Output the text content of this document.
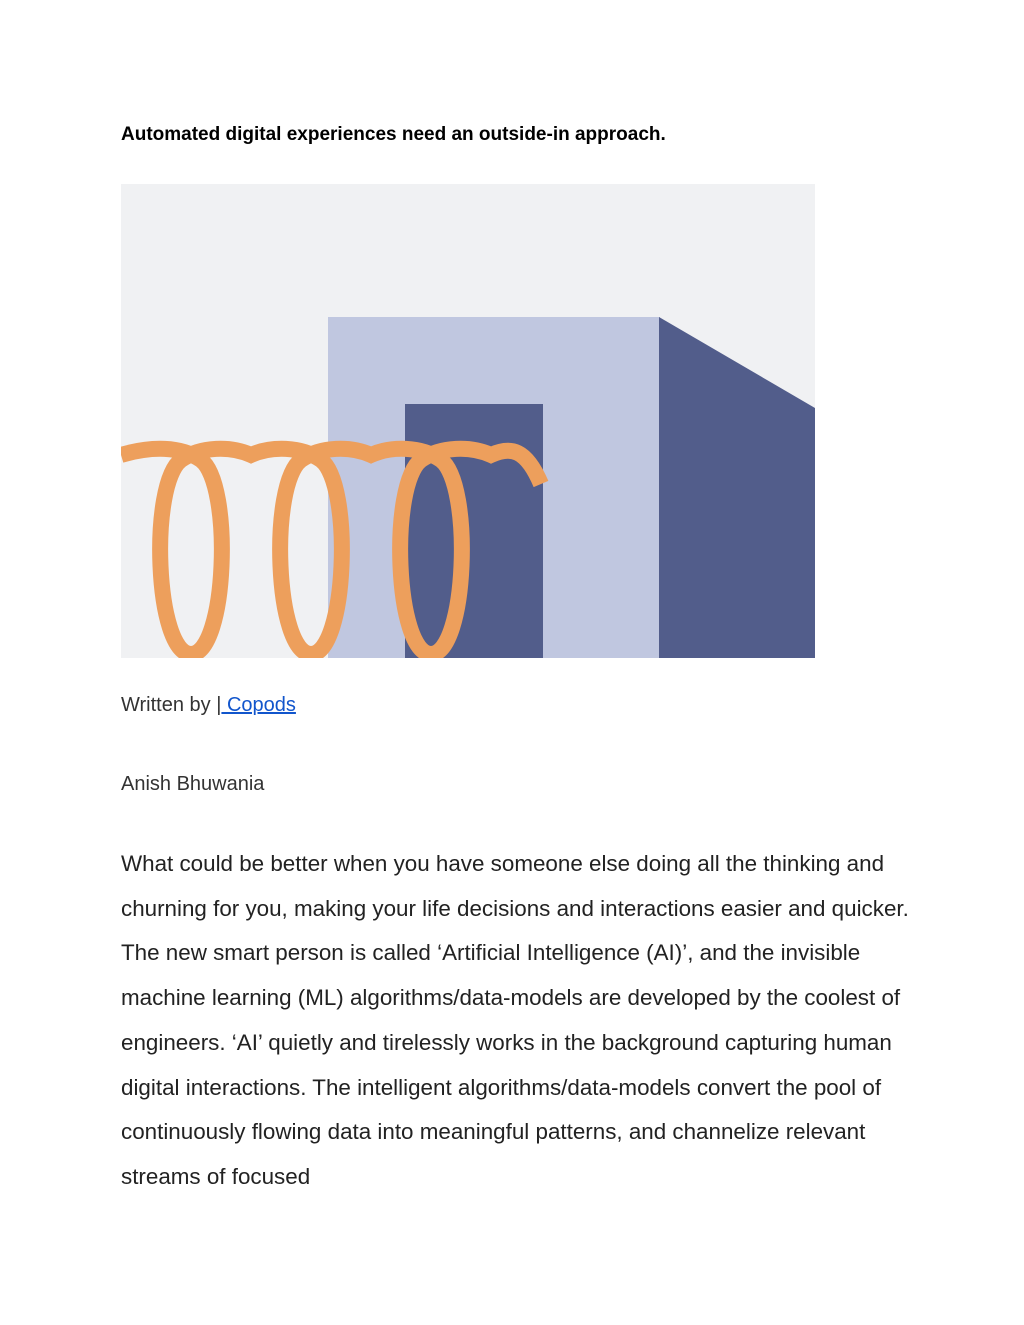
Automated digital experiences need an outside-in approach.
Written by | Copods

Anish Bhuwania

What could be better when you have someone else doing all the thinking and churning for you, making your life decisions and interactions easier and quicker. The new smart person is called ‘Artificial Intelligence (AI)’, and the invisible machine learning (ML) algorithms/data-models are developed by the coolest of engineers. ‘AI’ quietly and tirelessly works in the background capturing human digital interactions. The intelligent algorithms/data-models convert the pool of continuously flowing data into meaningful patterns, and channelize relevant streams of focused
